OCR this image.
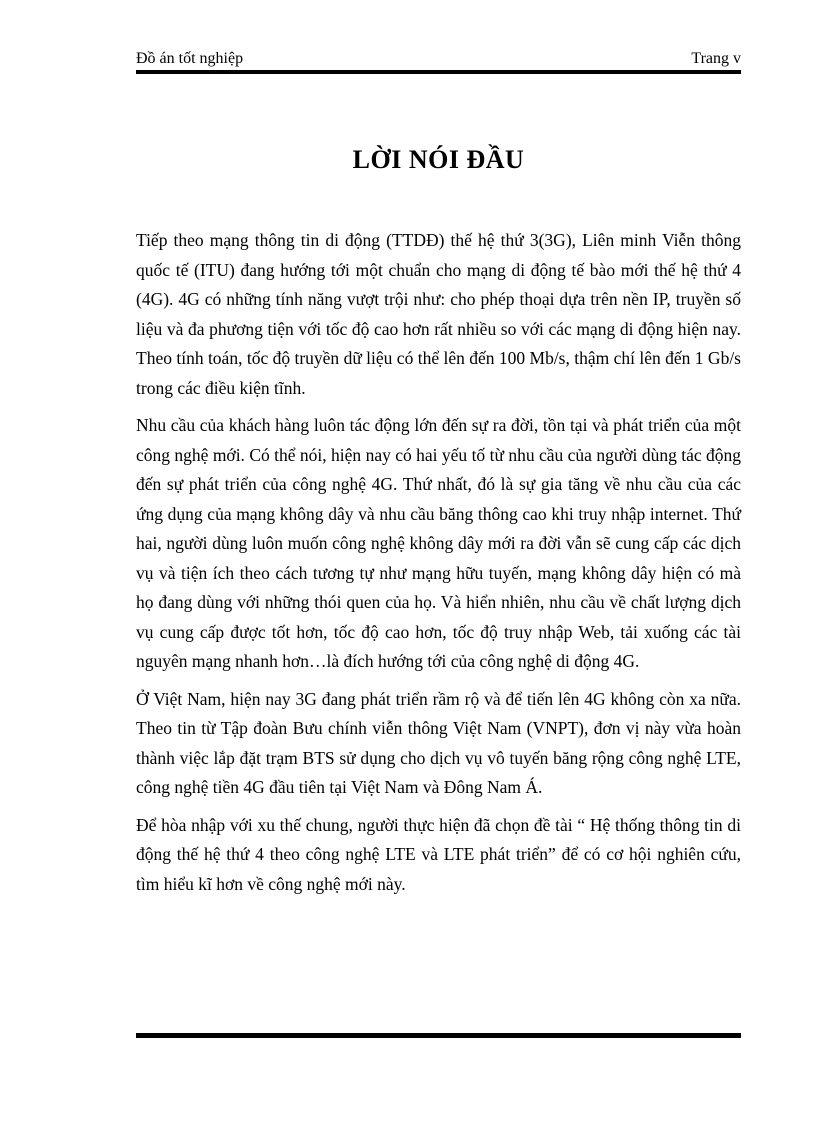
Đồ án tốt nghiệp	Trang v
LỜI NÓI ĐẦU

Tiếp theo mạng thông tin di động (TTDĐ) thế hệ thứ 3(3G), Liên minh Viễn thông quốc tế (ITU) đang hướng tới một chuẩn cho mạng di động tế bào mới thế hệ thứ 4 (4G). 4G có những tính năng vượt trội như: cho phép thoại dựa trên nền IP, truyền số liệu và đa phương tiện với tốc độ cao hơn rất nhiều so với các mạng di động hiện nay. Theo tính toán, tốc độ truyền dữ liệu có thể lên đến 100 Mb/s, thậm chí lên đến 1 Gb/s trong các điều kiện tĩnh.

Nhu cầu của khách hàng luôn tác động lớn đến sự ra đời, tồn tại và phát triển của một công nghệ mới. Có thể nói, hiện nay có hai yếu tố từ nhu cầu của người dùng tác động đến sự phát triển của công nghệ 4G. Thứ nhất, đó là sự gia tăng về nhu cầu của các ứng dụng của mạng không dây và nhu cầu băng thông cao khi truy nhập internet. Thứ hai, người dùng luôn muốn công nghệ không dây mới ra đời vẫn sẽ cung cấp các dịch vụ và tiện ích theo cách tương tự như mạng hữu tuyến, mạng không dây hiện có mà họ đang dùng với những thói quen của họ. Và hiển nhiên, nhu cầu về chất lượng dịch vụ cung cấp được tốt hơn, tốc độ cao hơn, tốc độ truy nhập Web, tải xuống các tài nguyên mạng nhanh hơn…là đích hướng tới của công nghệ di động 4G.

Ở Việt Nam, hiện nay 3G đang phát triển rầm rộ và để tiến lên 4G không còn xa nữa. Theo tin từ Tập đoàn Bưu chính viễn thông Việt Nam (VNPT), đơn vị này vừa hoàn thành việc lắp đặt trạm BTS sử dụng cho dịch vụ vô tuyến băng rộng công nghệ LTE, công nghệ tiền 4G đầu tiên tại Việt Nam và Đông Nam Á.

Để hòa nhập với xu thế chung, người thực hiện đã chọn đề tài “ Hệ thống thông tin di động thế hệ thứ 4 theo công nghệ LTE và LTE phát triển” để có cơ hội nghiên cứu, tìm hiểu kĩ hơn về công nghệ mới này.
